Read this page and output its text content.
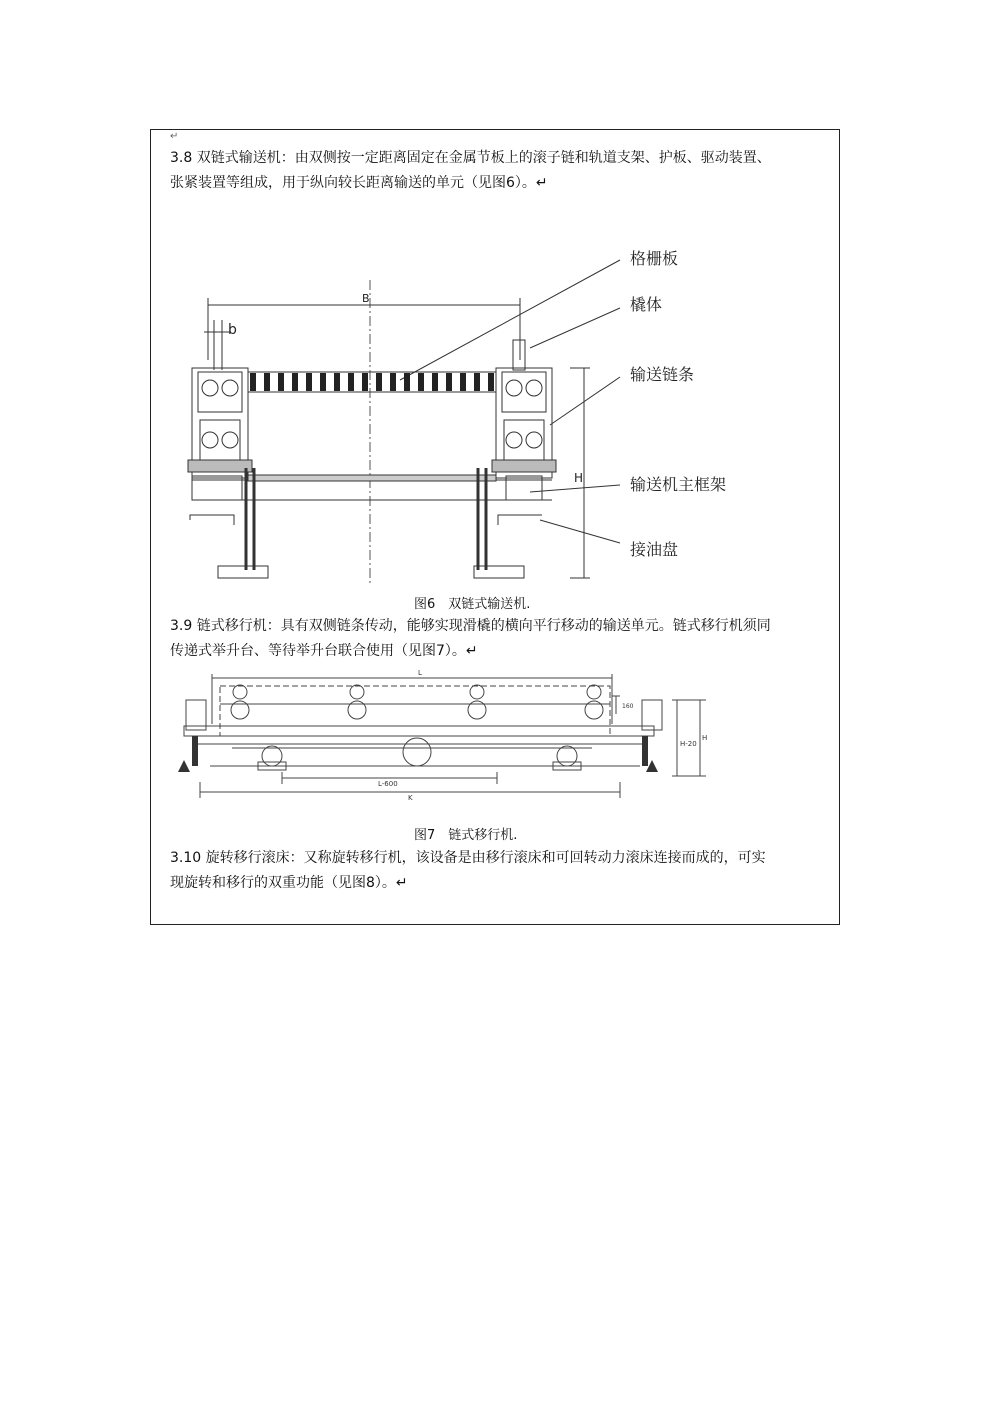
↵
3.8 双链式输送机：由双侧按一定距离固定在金属节板上的滚子链和轨道支架、护板、驱动装置、
张紧装置等组成，用于纵向较长距离输送的单元（见图6）。↵
B
b
H
格栅板
橇体
输送链条
输送机主框架
接油盘
图6　双链式输送机.
3.9 链式移行机：具有双侧链条传动，能够实现滑橇的横向平行移动的输送单元。链式移行机须同
传递式举升台、等待举升台联合使用（见图7）。↵
L
L-600
K
H
H-20
160
图7　链式移行机.
3.10 旋转移行滚床：又称旋转移行机，该设备是由移行滚床和可回转动力滚床连接而成的，可实
现旋转和移行的双重功能（见图8）。↵
